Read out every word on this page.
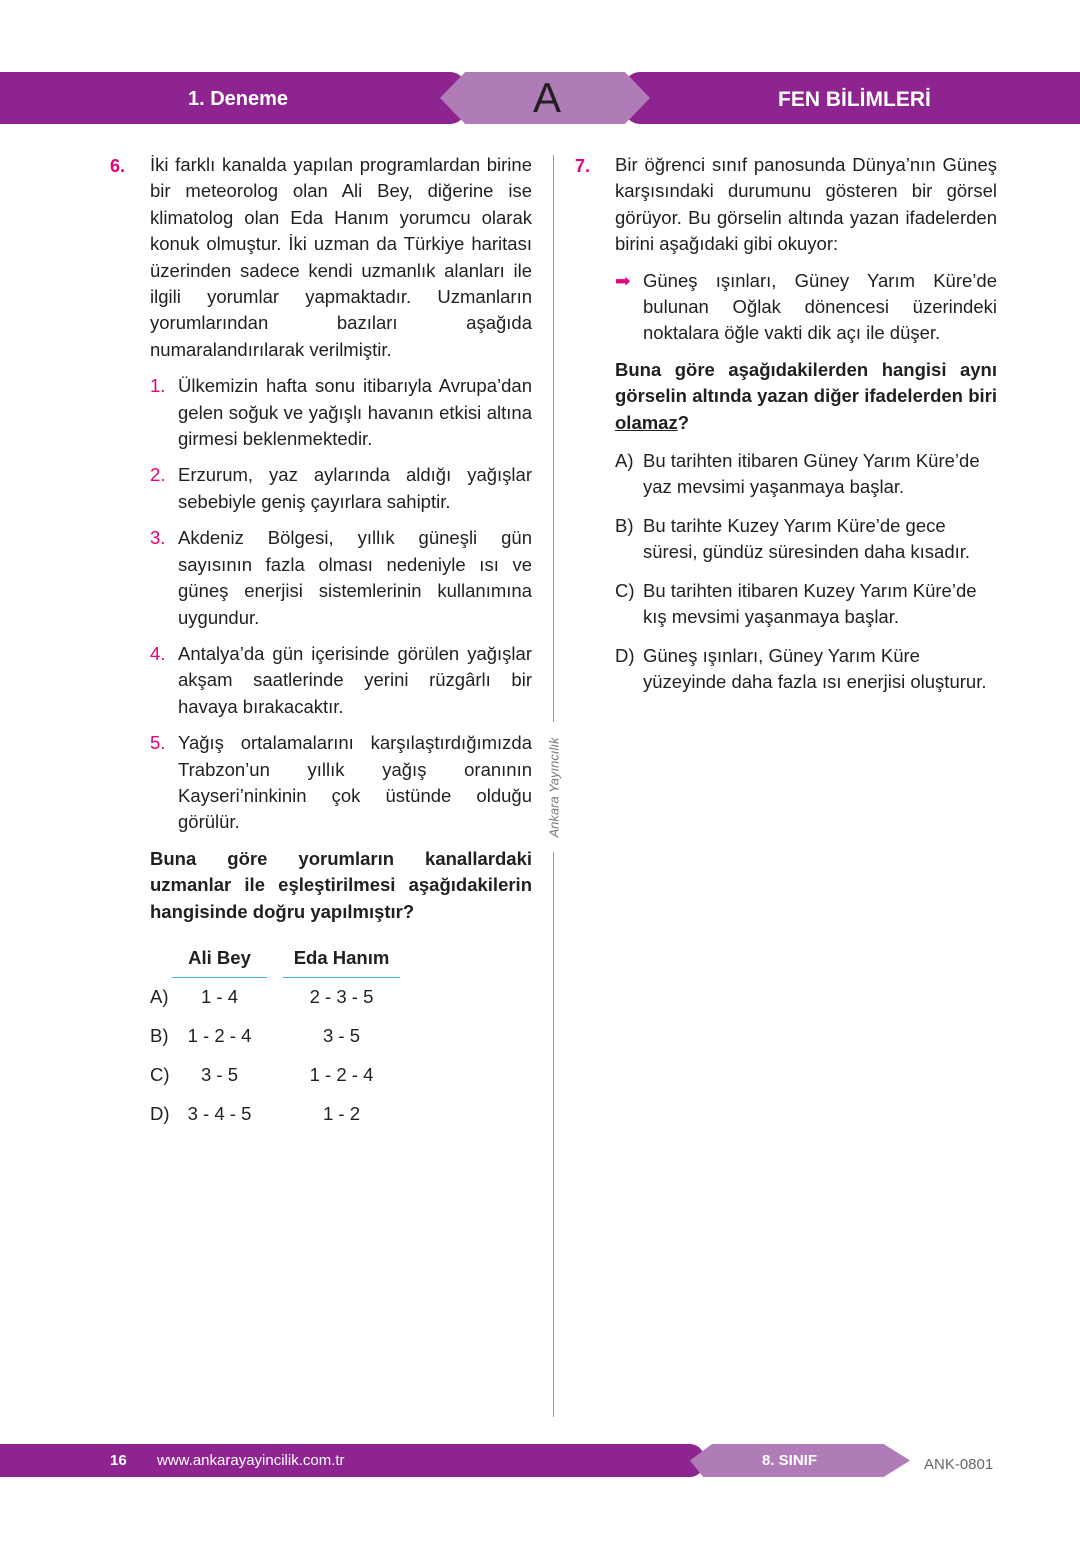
1. Deneme	A	FEN BİLİMLERİ
6. İki farklı kanalda yapılan programlardan birine bir meteorolog olan Ali Bey, diğerine ise klimatolog olan Eda Hanım yorumcu olarak konuk olmuştur. İki uzman da Türkiye haritası üzerinden sadece kendi uzmanlık alanları ile ilgili yorumlar yapmaktadır. Uzmanların yorumlarından bazıları aşağıda numaralandırılarak verilmiştir.

1. Ülkemizin hafta sonu itibarıyla Avrupa’dan gelen soğuk ve yağışlı havanın etkisi altına girmesi beklenmektedir.
2. Erzurum, yaz aylarında aldığı yağışlar sebebiyle geniş çayırlara sahiptir.
3. Akdeniz Bölgesi, yıllık güneşli gün sayısının fazla olması nedeniyle ısı ve güneş enerjisi sistemlerinin kullanımına uygundur.
4. Antalya’da gün içerisinde görülen yağışlar akşam saatlerinde yerini rüzgârlı bir havaya bırakacaktır.
5. Yağış ortalamalarını karşılaştırdığımızda Trabzon’un yıllık yağış oranının Kayseri’ninkinin çok üstünde olduğu görülür.

Buna göre yorumların kanallardaki uzmanlar ile eşleştirilmesi aşağıdakilerin hangisinde doğru yapılmıştır?

	Ali Bey		Eda Hanım
A)	1 - 4		2 - 3 - 5
B)	1 - 2 - 4		3 - 5
C)	3 - 5		1 - 2 - 4
D)	3 - 4 - 5		1 - 2
Ankara Yayıncılık
7. Bir öğrenci sınıf panosunda Dünya’nın Güneş karşısındaki durumunu gösteren bir görsel görüyor. Bu görselin altında yazan ifadelerden birini aşağıdaki gibi okuyor:

➡ Güneş ışınları, Güney Yarım Küre’de bulunan Oğlak dönencesi üzerindeki noktalara öğle vakti dik açı ile düşer.

Buna göre aşağıdakilerden hangisi aynı görselin altında yazan diğer ifadelerden biri olamaz?

A) Bu tarihten itibaren Güney Yarım Küre’de yaz mevsimi yaşanmaya başlar.
B) Bu tarihte Kuzey Yarım Küre’de gece süresi, gündüz süresinden daha kısadır.
C) Bu tarihten itibaren Kuzey Yarım Küre’de kış mevsimi yaşanmaya başlar.
D) Güneş ışınları, Güney Yarım Küre yüzeyinde daha fazla ısı enerjisi oluşturur.
16 www.ankarayayincilik.com.tr	8. SINIF	ANK-0801
